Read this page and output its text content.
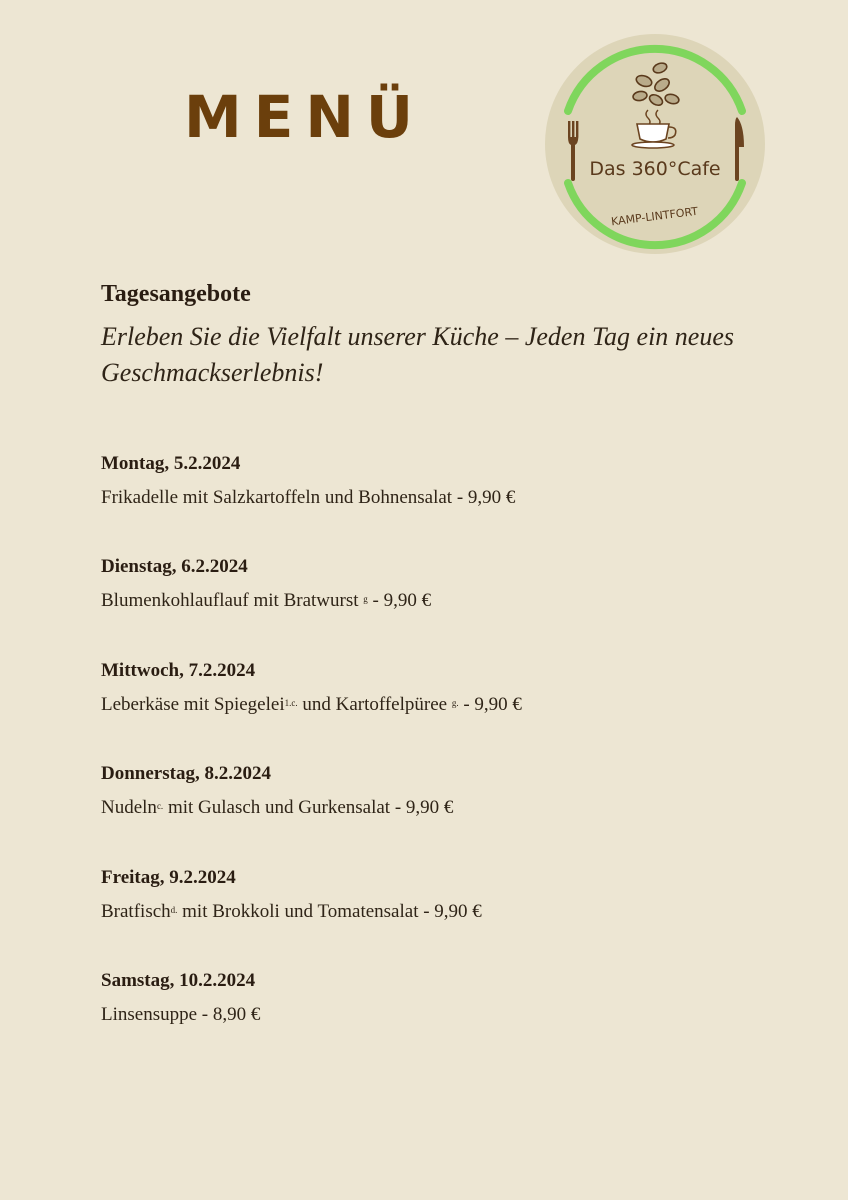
MENÜ
KAMP-LINTFORT
Das 360°Cafe
Tagesangebote
Erleben Sie die Vielfalt unserer Küche – Jeden Tag ein neues Geschmackserlebnis!
Montag, 5.2.2024
Frikadelle mit Salzkartoffeln und Bohnensalat - 9,90 €
Dienstag, 6.2.2024
Blumenkohlauflauf mit Bratwurst $^g$ - 9,90 €
Mittwoch, 7.2.2024
Leberkäse mit Spiegelei$^{1.c.}$ und Kartoffelpüree $^{g.}$ - 9,90 €
Donnerstag, 8.2.2024
Nudeln$^{c.}$ mit Gulasch und Gurkensalat - 9,90 €
Freitag, 9.2.2024
Bratfisch$^{d.}$ mit Brokkoli und Tomatensalat - 9,90 €
Samstag, 10.2.2024
Linsensuppe - 8,90 €
